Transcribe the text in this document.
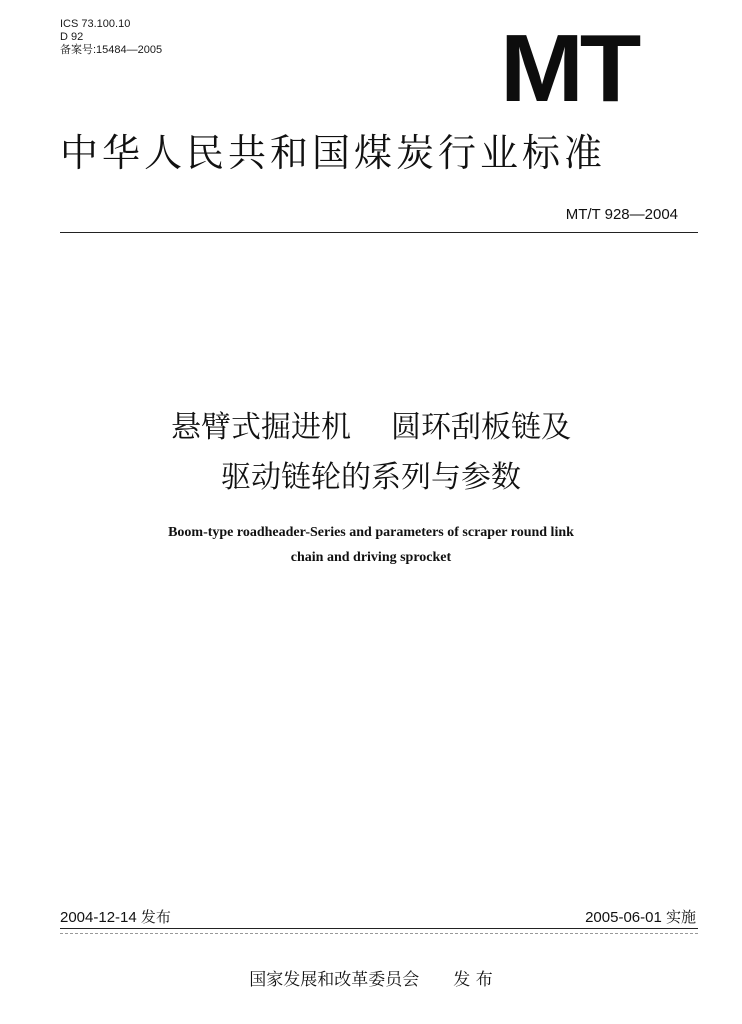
ICS 73.100.10
D 92
备案号:15484—2005	MT
中华人民共和国煤炭行业标准
MT/T 928—2004
悬臂式掘进机 圆环刮板链及
驱动链轮的系列与参数
Boom-type roadheader-Series and parameters of scraper round link
chain and driving sprocket
2004-12-14 发布	2005-06-01 实施
国家发展和改革委员会 发 布
